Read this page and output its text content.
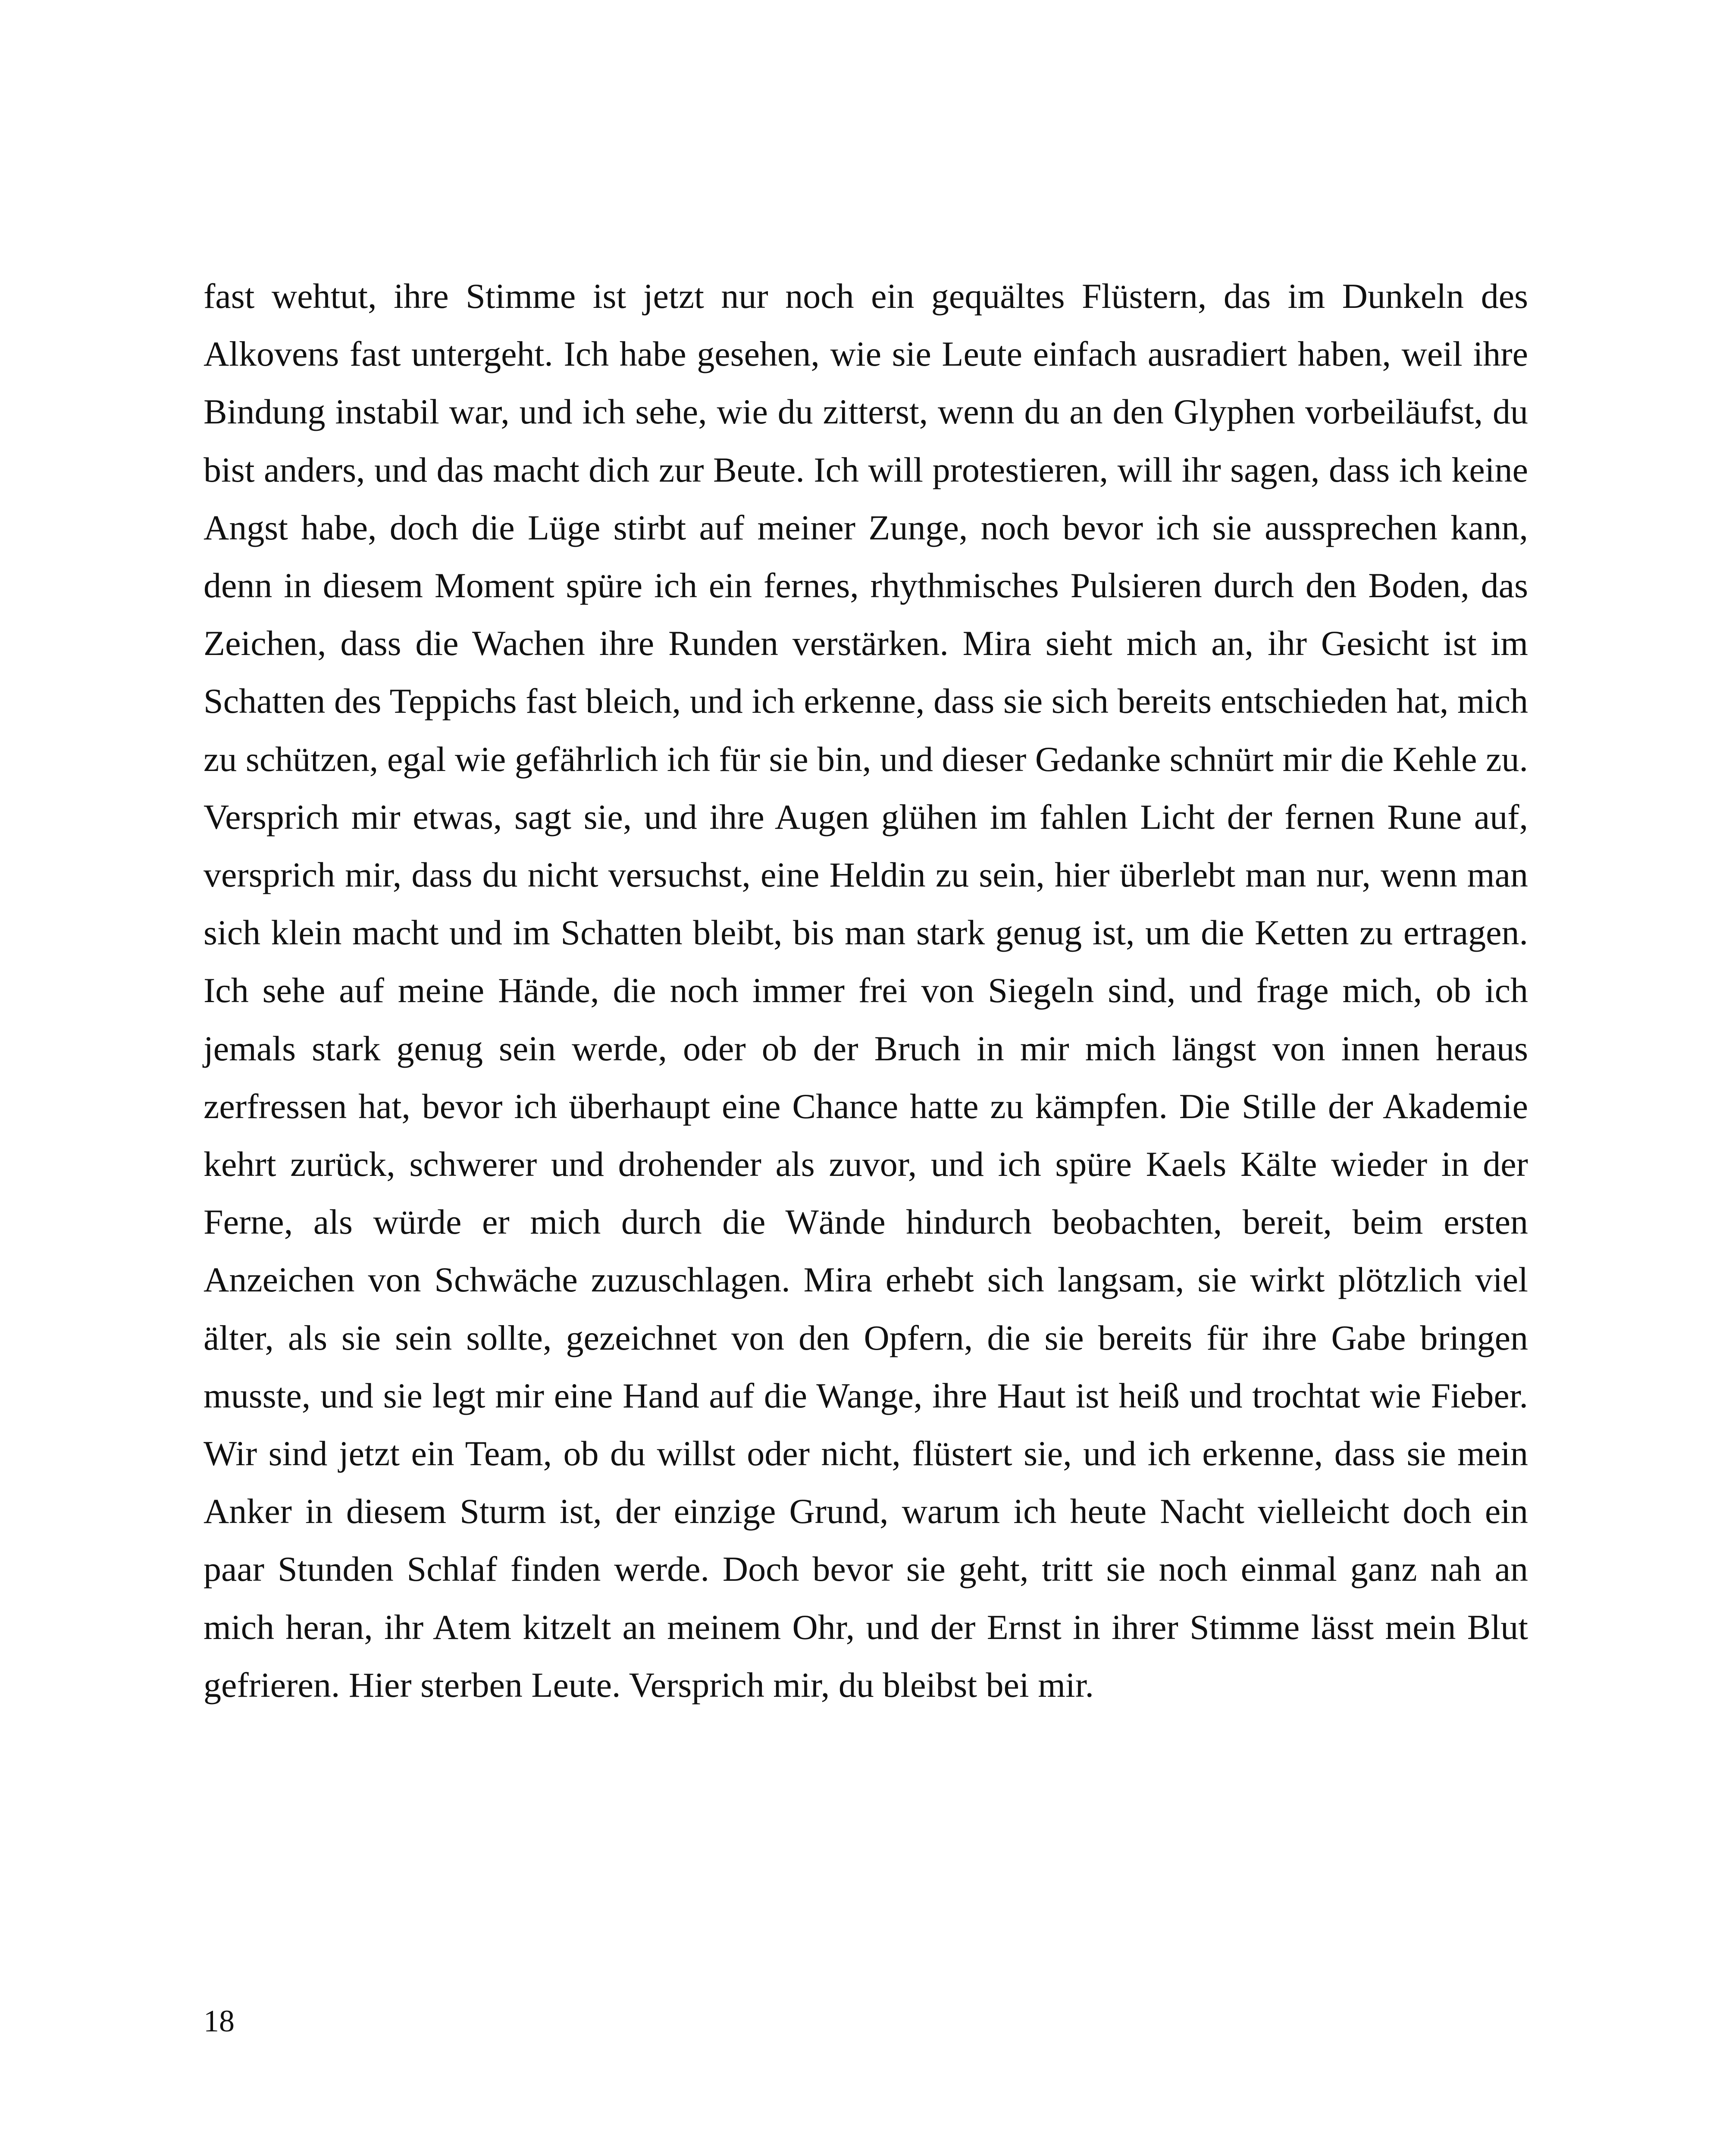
fast wehtut, ihre Stimme ist jetzt nur noch ein gequältes Flüstern, das im Dunkeln des Alkovens fast untergeht. Ich habe gesehen, wie sie Leute einfach ausradiert haben, weil ihre Bindung instabil war, und ich sehe, wie du zitterst, wenn du an den Glyphen vorbeiläufst, du bist anders, und das macht dich zur Beute. Ich will protestieren, will ihr sagen, dass ich keine Angst habe, doch die Lüge stirbt auf meiner Zunge, noch bevor ich sie aussprechen kann, denn in diesem Moment spüre ich ein fernes, rhythmisches Pulsieren durch den Boden, das Zeichen, dass die Wachen ihre Runden verstärken. Mira sieht mich an, ihr Gesicht ist im Schatten des Teppichs fast bleich, und ich erkenne, dass sie sich bereits entschieden hat, mich zu schützen, egal wie gefährlich ich für sie bin, und dieser Gedanke schnürt mir die Kehle zu. Versprich mir etwas, sagt sie, und ihre Augen glühen im fahlen Licht der fernen Rune auf, versprich mir, dass du nicht versuchst, eine Heldin zu sein, hier überlebt man nur, wenn man sich klein macht und im Schatten bleibt, bis man stark genug ist, um die Ketten zu ertragen. Ich sehe auf meine Hände, die noch immer frei von Siegeln sind, und frage mich, ob ich jemals stark genug sein werde, oder ob der Bruch in mir mich längst von innen heraus zerfressen hat, bevor ich überhaupt eine Chance hatte zu kämpfen. Die Stille der Akademie kehrt zurück, schwerer und drohender als zuvor, und ich spüre Kaels Kälte wieder in der Ferne, als würde er mich durch die Wände hindurch beobachten, bereit, beim ersten Anzeichen von Schwäche zuzuschlagen. Mira erhebt sich langsam, sie wirkt plötzlich viel älter, als sie sein sollte, gezeichnet von den Opfern, die sie bereits für ihre Gabe bringen musste, und sie legt mir eine Hand auf die Wange, ihre Haut ist heiß und trochtat wie Fieber. Wir sind jetzt ein Team, ob du willst oder nicht, flüstert sie, und ich erkenne, dass sie mein Anker in diesem Sturm ist, der einzige Grund, warum ich heute Nacht vielleicht doch ein paar Stunden Schlaf finden werde. Doch bevor sie geht, tritt sie noch einmal ganz nah an mich heran, ihr Atem kitzelt an meinem Ohr, und der Ernst in ihrer Stimme lässt mein Blut gefrieren. Hier sterben Leute. Versprich mir, du bleibst bei mir.

18
